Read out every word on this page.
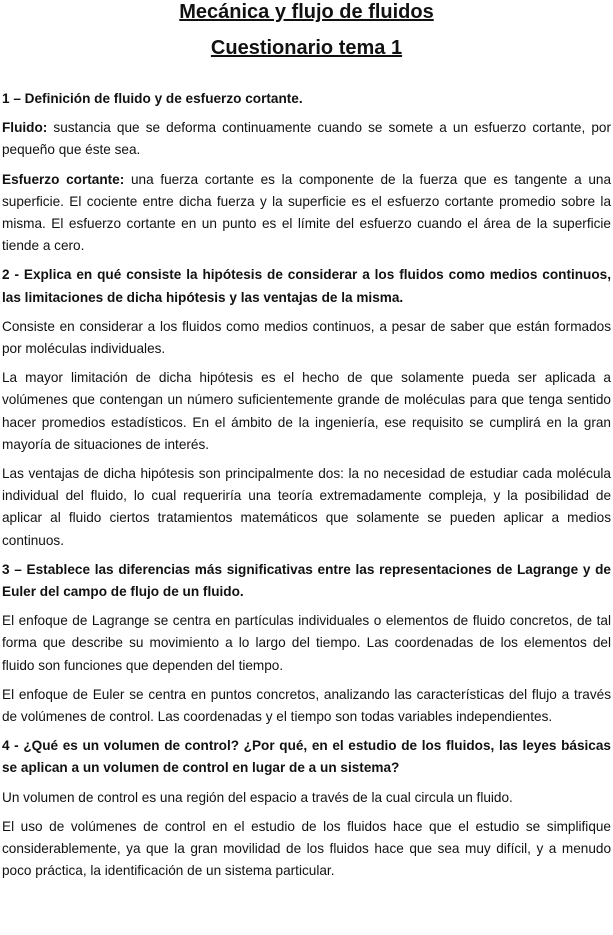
Mecánica y flujo de fluidos
Cuestionario tema 1

1 – Definición de fluido y de esfuerzo cortante.

Fluido: sustancia que se deforma continuamente cuando se somete a un esfuerzo cortante, por pequeño que éste sea.

Esfuerzo cortante: una fuerza cortante es la componente de la fuerza que es tangente a una superficie. El cociente entre dicha fuerza y la superficie es el esfuerzo cortante promedio sobre la misma. El esfuerzo cortante en un punto es el límite del esfuerzo cuando el área de la superficie tiende a cero.

2 - Explica en qué consiste la hipótesis de considerar a los fluidos como medios continuos, las limitaciones de dicha hipótesis y las ventajas de la misma.

Consiste en considerar a los fluidos como medios continuos, a pesar de saber que están formados por moléculas individuales.

La mayor limitación de dicha hipótesis es el hecho de que solamente pueda ser aplicada a volúmenes que contengan un número suficientemente grande de moléculas para que tenga sentido hacer promedios estadísticos. En el ámbito de la ingeniería, ese requisito se cumplirá en la gran mayoría de situaciones de interés.

Las ventajas de dicha hipótesis son principalmente dos: la no necesidad de estudiar cada molécula individual del fluido, lo cual requeriría una teoría extremadamente compleja, y la posibilidad de aplicar al fluido ciertos tratamientos matemáticos que solamente se pueden aplicar a medios continuos.

3 – Establece las diferencias más significativas entre las representaciones de Lagrange y de Euler del campo de flujo de un fluido.

El enfoque de Lagrange se centra en partículas individuales o elementos de fluido concretos, de tal forma que describe su movimiento a lo largo del tiempo. Las coordenadas de los elementos del fluido son funciones que dependen del tiempo.

El enfoque de Euler se centra en puntos concretos, analizando las características del flujo a través de volúmenes de control. Las coordenadas y el tiempo son todas variables independientes.

4 - ¿Qué es un volumen de control? ¿Por qué, en el estudio de los fluidos, las leyes básicas se aplican a un volumen de control en lugar de a un sistema?

Un volumen de control es una región del espacio a través de la cual circula un fluido.

El uso de volúmenes de control en el estudio de los fluidos hace que el estudio se simplifique considerablemente, ya que la gran movilidad de los fluidos hace que sea muy difícil, y a menudo poco práctica, la identificación de un sistema particular.
